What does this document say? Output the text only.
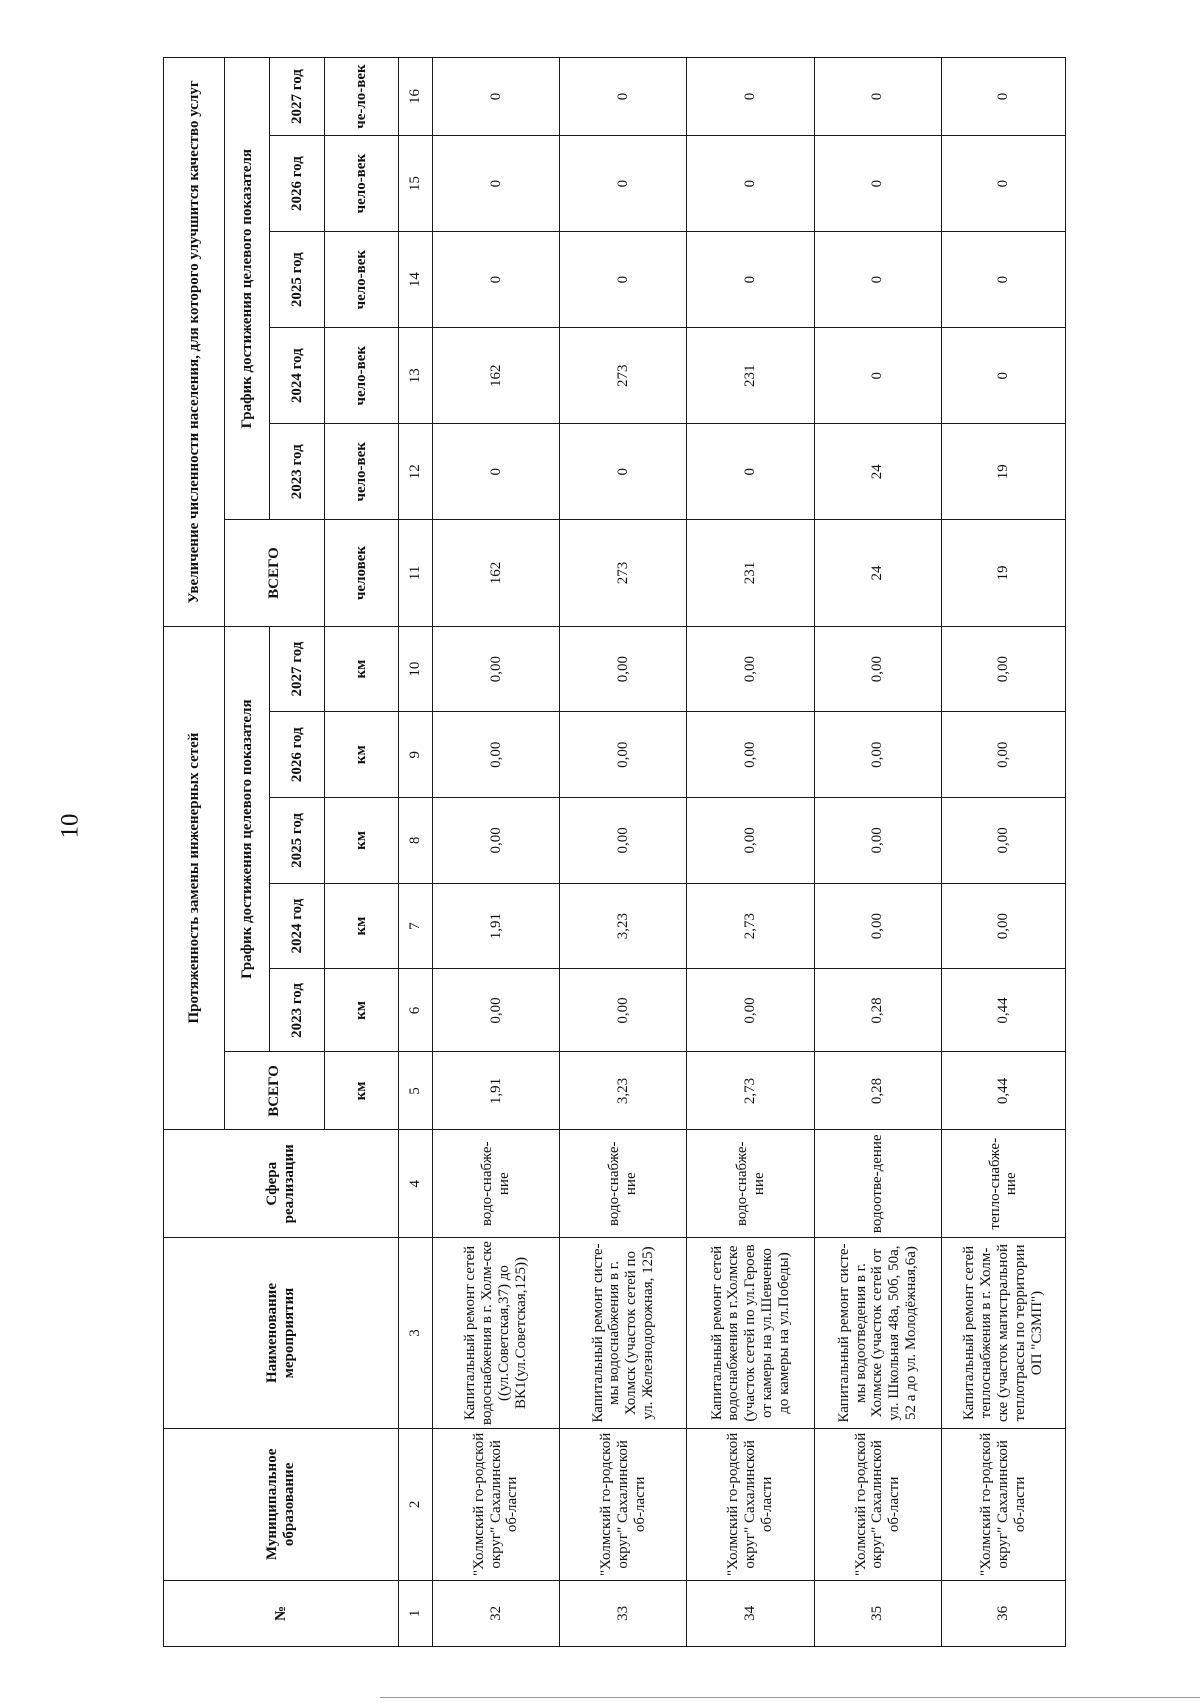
10
№	Муниципальное образование	Наименование мероприятия	Сфера реализации	Протяженность замены инженерных сетей						Увеличение численности населения, для которого улучшится качество услуг					
				ВСЕГО	График достижения целевого показателя					ВСЕГО	График достижения целевого показателя				
					2023 год	2024 год	2025 год	2026 год	2027 год		2023 год	2024 год	2025 год	2026 год	2027 год
				км	км	км	км	км	км	человек	чело-век	чело-век	чело-век	чело-век	че-ло-век
1	2	3	4	5	6	7	8	9	10	11	12	13	14	15	16
32	"Холмский го-родской округ" Сахалинской об-ласти	Капитальный ремонт сетей водоснабжения в г. Холм-ске ((ул.Советская,37) до ВК1(ул.Советская,125))	водо-снабже-ние	1,91	0,00	1,91	0,00	0,00	0,00	162	0	162	0	0	0
33	"Холмский го-родской округ" Сахалинской об-ласти	Капитальный ремонт систе-мы водоснабжения в г. Холмск (участок сетей по ул. Железнодорожная, 125)	водо-снабже-ние	3,23	0,00	3,23	0,00	0,00	0,00	273	0	273	0	0	0
34	"Холмский го-родской округ" Сахалинской об-ласти	Капитальный ремонт сетей водоснабжения в г.Холмске (участок сетей по ул.Героев от камеры на ул.Шевченко до камеры на ул.Победы)	водо-снабже-ние	2,73	0,00	2,73	0,00	0,00	0,00	231	0	231	0	0	0
35	"Холмский го-родской округ" Сахалинской об-ласти	Капитальный ремонт систе-мы водоотведения в г. Холмске (участок сетей от ул. Школьная 48а, 50б, 50а, 52 а до ул. Молодёжная,6а)	водоотве-дение	0,28	0,28	0,00	0,00	0,00	0,00	24	24	0	0	0	0
36	"Холмский го-родской округ" Сахалинской об-ласти	Капитальный ремонт сетей теплоснабжения в г. Холм-ске (участок магистральной теплотрассы по территории ОП "СЗМП")	тепло-снабже-ние	0,44	0,44	0,00	0,00	0,00	0,00	19	19	0	0	0	0
